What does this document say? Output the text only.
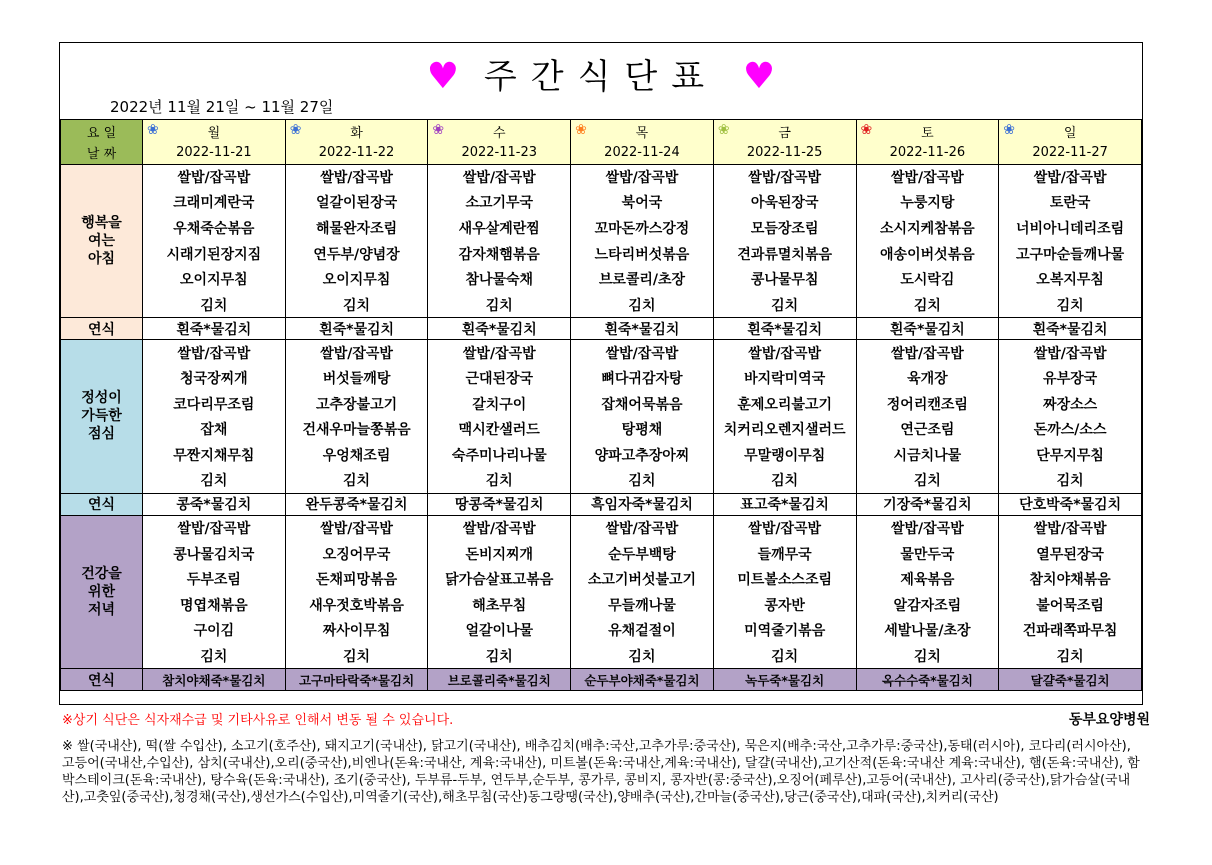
♥ 주간식단표 ♥
2022년 11월 21일 ~ 11월 27일
요 일	❀ 월	❀ 화	❀ 수	❀ 목	❀ 금	❀ 토	❀ 일
날 짜	2022-11-21	2022-11-22	2022-11-23	2022-11-24	2022-11-25	2022-11-26	2022-11-27
행복을
여는
아침	쌀밥/잡곡밥	쌀밥/잡곡밥	쌀밥/잡곡밥	쌀밥/잡곡밥	쌀밥/잡곡밥	쌀밥/잡곡밥	쌀밥/잡곡밥
	크래미계란국	얼갈이된장국	소고기무국	북어국	아욱된장국	누룽지탕	토란국
	우채죽순볶음	해물완자조림	새우살계란찜	꼬마돈까스강정	모듬장조림	소시지케참볶음	너비아니데리조림
	시래기된장지짐	연두부/양념장	감자채햄볶음	느타리버섯볶음	견과류멸치볶음	애송이버섯볶음	고구마순들깨나물
	오이지무침	오이지무침	참나물숙채	브로콜리/초장	콩나물무침	도시락김	오복지무침
	김치	김치	김치	김치	김치	김치	김치
연식	흰죽*물김치	흰죽*물김치	흰죽*물김치	흰죽*물김치	흰죽*물김치	흰죽*물김치	흰죽*물김치
정성이
가득한
점심	쌀밥/잡곡밥	쌀밥/잡곡밥	쌀밥/잡곡밥	쌀밥/잡곡밥	쌀밥/잡곡밥	쌀밥/잡곡밥	쌀밥/잡곡밥
	청국장찌개	버섯들깨탕	근대된장국	뼈다귀감자탕	바지락미역국	육개장	유부장국
	코다리무조림	고추장불고기	갈치구이	잡채어묵볶음	훈제오리불고기	정어리캔조림	짜장소스
	잡채	건새우마늘쫑볶음	맥시칸샐러드	탕평채	치커리오렌지샐러드	연근조림	돈까스/소스
	무짠지채무침	우엉채조림	숙주미나리나물	양파고추장아찌	무말랭이무침	시금치나물	단무지무침
	김치	김치	김치	김치	김치	김치	김치
연식	콩죽*물김치	완두콩죽*물김치	땅콩죽*물김치	흑임자죽*물김치	표고죽*물김치	기장죽*물김치	단호박죽*물김치
건강을
위한
저녁	쌀밥/잡곡밥	쌀밥/잡곡밥	쌀밥/잡곡밥	쌀밥/잡곡밥	쌀밥/잡곡밥	쌀밥/잡곡밥	쌀밥/잡곡밥
	콩나물김치국	오징어무국	돈비지찌개	순두부백탕	들깨무국	물만두국	열무된장국
	두부조림	돈채피망볶음	닭가슴살표고볶음	소고기버섯불고기	미트볼소스조림	제육볶음	참치야채볶음
	명엽채볶음	새우젓호박볶음	해초무침	무들깨나물	콩자반	알감자조림	불어묵조림
	구이김	짜사이무침	얼갈이나물	유채겉절이	미역줄기볶음	세발나물/초장	건파래쪽파무침
	김치	김치	김치	김치	김치	김치	김치
연식	참치야채죽*물김치	고구마타락죽*물김치	브로콜리죽*물김치	순두부야채죽*물김치	녹두죽*물김치	옥수수죽*물김치	달걀죽*물김치
※상기 식단은 식자재수급 및 기타사유로 인해서 변동 될 수 있습니다.	동부요양병원
※ 쌀(국내산), 떡(쌀 수입산), 소고기(호주산), 돼지고기(국내산), 닭고기(국내산), 배추김치(배추:국산,고추가루:중국산), 묵은지(배추:국산,고추가루:중국산),동태(러시아), 코다리(러시아산), 고등어(국내산,수입산), 삼치(국내산),오리(중국산),비엔나(돈육:국내산, 계육:국내산), 미트볼(돈육:국내산,계육:국내산), 달걀(국내산),고기산적(돈육:국내산 계육:국내산), 햄(돈육:국내산), 함박스테이크(돈육:국내산), 탕수육(돈육:국내산), 조기(중국산), 두부류-두부, 연두부,순두부, 콩가루, 콩비지, 콩자반(콩:중국산),오징어(페루산),고등어(국내산), 고사리(중국산),닭가슴살(국내산),고춧잎(중국산),청경채(국산),생선가스(수입산),미역줄기(국산),해초무침(국산)동그랑땡(국산),양배추(국산),간마늘(중국산),당근(중국산),대파(국산),치커리(국산)
